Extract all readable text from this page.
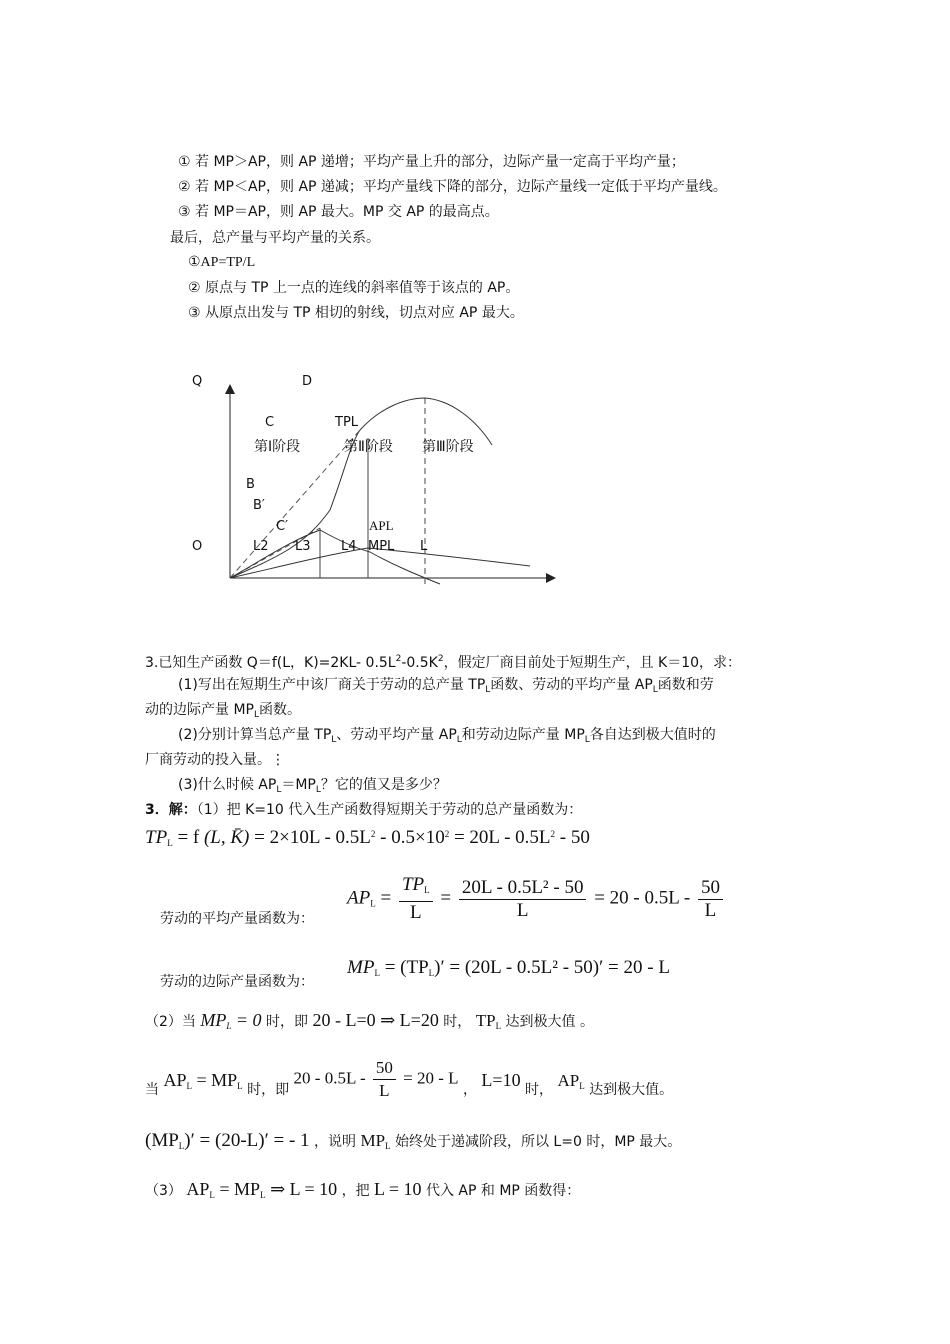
① 若 MP＞AP，则 AP 递增；平均产量上升的部分，边际产量一定高于平均产量；
② 若 MP＜AP，则 AP 递减；平均产量线下降的部分，边际产量线一定低于平均产量线。
③ 若 MP＝AP，则 AP 最大。MP 交 AP 的最高点。
最后，总产量与平均产量的关系。
①AP=TP/L
② 原点与 TP 上一点的连线的斜率值等于该点的 AP。
③ 从原点出发与 TP 相切的射线，切点对应 AP 最大。
Q	D
C	TPL
第Ⅰ阶段	第Ⅱ阶段 第Ⅲ阶段
B
B′
C′	APL
O	L2 L3 L4 MPL L
3.已知生产函数 Q＝f(L，K)=2KL- $0.5L^2-0.5K^2$，假定厂商目前处于短期生产，且 K＝10，求：
(1)写出在短期生产中该厂商关于劳动的总产量 $TP_L$函数、劳动的平均产量 $AP_L$函数和劳
动的边际产量 $MP_L$函数。
(2)分别计算当总产量 $TP_L$、劳动平均产量 $AP_L$和劳动边际产量 $MP_L$各自达到极大值时的
厂商劳动的投入量。⋮
(3)什么时候 $AP_L=MP_L$？它的值又是多少？
3．解：（1）把 K=10 代入生产函数得短期关于劳动的总产量函数为：
$TP_L = f$ (L, K̄) = $2\times 10L - 0.5L^2 - 0.5\times 10^2 = 20L - 0.5L^2 - 50$
劳动的平均产量函数为：
$AP_L = \frac{TP_L}{L} = \frac{\text{20L - 0.5L² - 50}}{L} = 20 - 0.5L - \frac{50}{L}$
劳动的边际产量函数为：
$MP_L = (TP_L)' = (20L - 0.5L^2 - 50)' = 20 - L$
（2）当 $MP_L = 0$ 时，即 20 - L=0 ⇒ L=20 时， $TP_L$ 达到极大值 。
当 $AP_L = MP_L$ 时，即 $20 - 0.5L - \frac{50}{L} = 20 - L$ ， L=10 时， $AP_L$ 达到极大值。
$(MP_L)' = (20-L)'$ = - 1 ，说明 $MP_L$ 始终处于递减阶段，所以 L=0 时，MP 最大。
（3） $AP_L = MP_L$ ⇒ L = 10 ，把 L = 10 代入 AP 和 MP 函数得：
